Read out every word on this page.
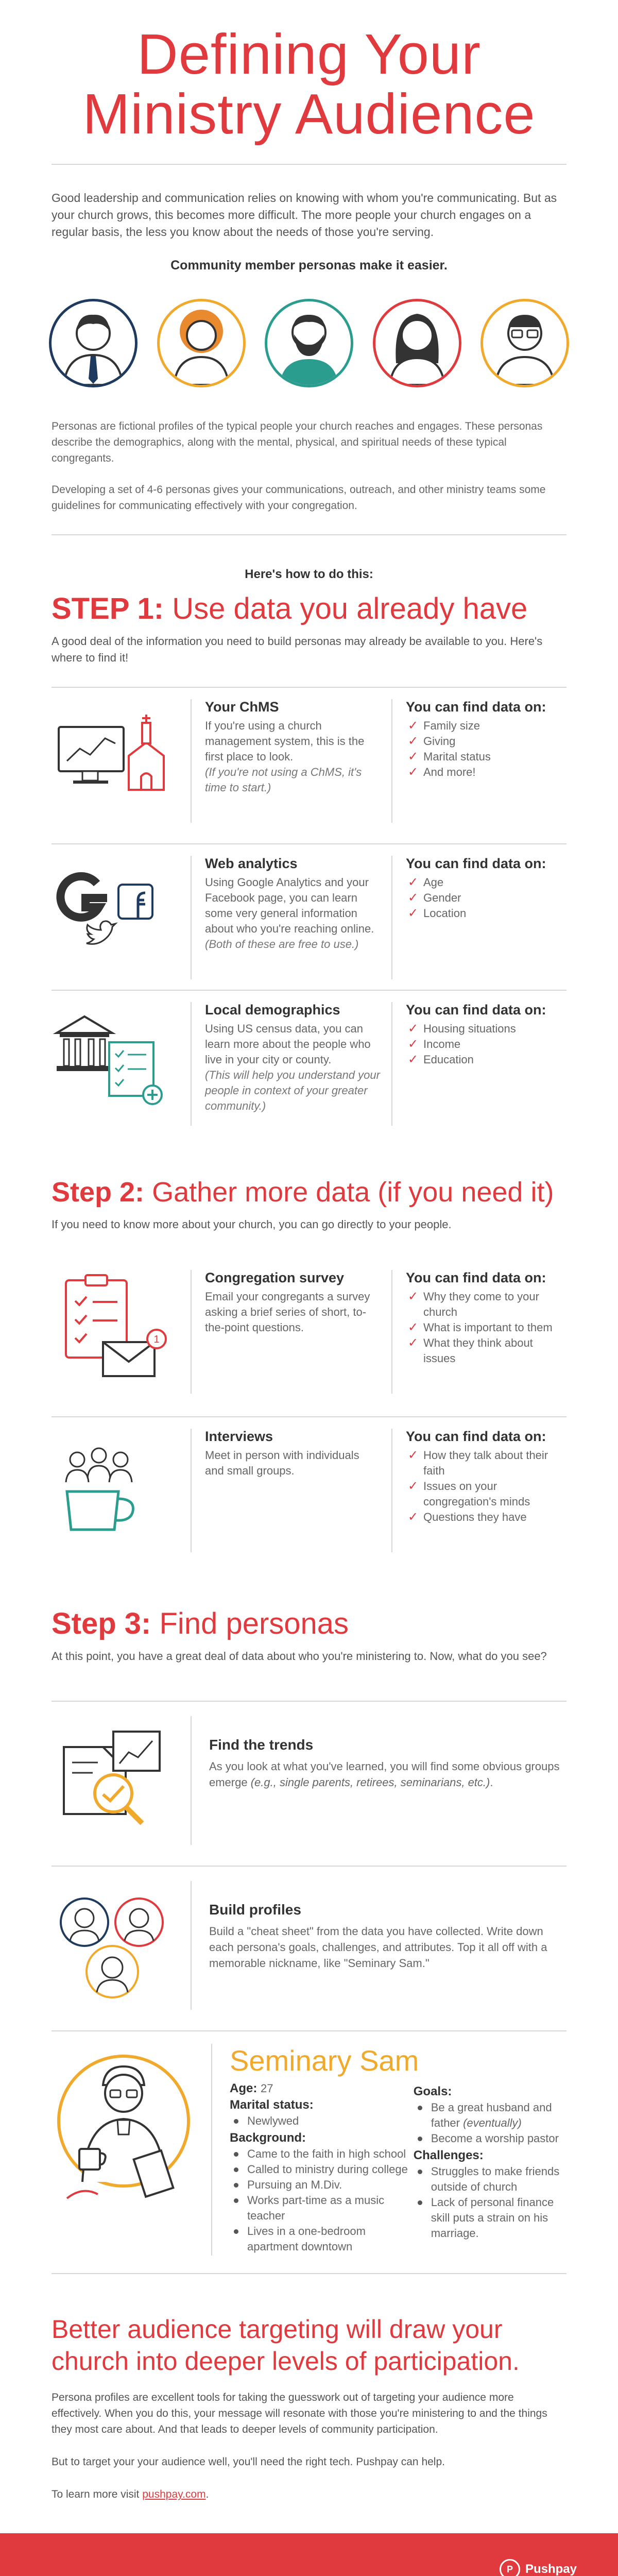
Defining Your
Ministry Audience

Good leadership and communication relies on knowing with whom you're communicating. But as your church grows, this becomes more difficult. The more people your church engages on a regular basis, the less you know about the needs of those you're serving.

Community member personas make it easier.

Personas are fictional profiles of the typical people your church reaches and engages. These personas describe the demographics, along with the mental, physical, and spiritual needs of these typical congregants.

Developing a set of 4-6 personas gives your communications, outreach, and other ministry teams some guidelines for communicating effectively with your congregation.

Here's how to do this:

STEP 1: Use data you already have

A good deal of the information you need to build personas may already be available to you. Here's where to find it!

Your ChMS

If you're using a church management system, this is the first place to look.
(If you're not using a ChMS, it's time to start.)

You can find data on:
✓ Family size
✓ Giving
✓ Marital status
✓ And more!
Web analytics

Using Google Analytics and your Facebook page, you can learn some very general information about who you're reaching online.
(Both of these are free to use.)

You can find data on:
✓ Age
✓ Gender
✓ Location
Local demographics

Using US census data, you can learn more about the people who live in your city or county.
(This will help you understand your people in context of your greater community.)

You can find data on:
✓ Housing situations
✓ Income
✓ Education
Step 2: Gather more data (if you need it)

If you need to know more about your church, you can go directly to your people.

1
Congregation survey

Email your congregants a survey asking a brief series of short, to-the-point questions.

You can find data on:
✓ Why they come to your church
✓ What is important to them
✓ What they think about issues
Interviews

Meet in person with individuals and small groups.

You can find data on:
✓ How they talk about their faith
✓ Issues on your congregation's minds
✓ Questions they have
Step 3: Find personas

At this point, you have a great deal of data about who you're ministering to. Now, what do you see?

Find the trends

As you look at what you've learned, you will find some obvious groups emerge (e.g., single parents, retirees, seminarians, etc.).

Build profiles

Build a "cheat sheet" from the data you have collected. Write down each persona's goals, challenges, and attributes. Top it all off with a memorable nickname, like "Seminary Sam."

Seminary Sam
Age: 27
Marital status:
Newlywed
Background:
Came to the faith in high school
Called to ministry during college
Pursuing an M.Div.
Works part-time as a music teacher
Lives in a one-bedroom apartment downtown
Goals:
Be a great husband and father (eventually)
Become a worship pastor
Challenges:
Struggles to make friends outside of church
Lack of personal finance skill puts a strain on his marriage.
Better audience targeting will draw your church into deeper levels of participation.

Persona profiles are excellent tools for taking the guesswork out of targeting your audience more effectively. When you do this, your message will resonate with those you're ministering to and the things they most care about. And that leads to deeper levels of community participation.

But to target your your audience well, you'll need the right tech. Pushpay can help.

To learn more visit pushpay.com.

P	Pushpay
